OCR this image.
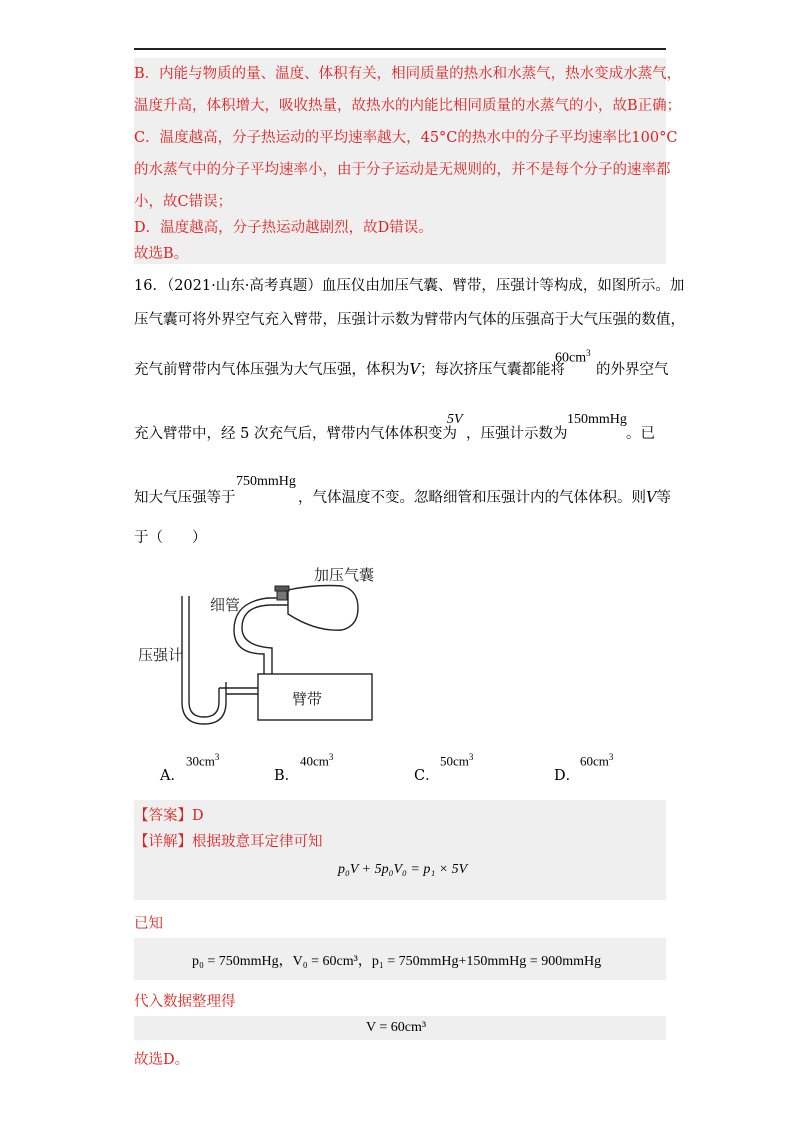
B．内能与物质的量、温度、体积有关，相同质量的热水和水蒸气，热水变成水蒸气，
温度升高，体积增大，吸收热量，故热水的内能比相同质量的水蒸气的小，故B正确；
C．温度越高，分子热运动的平均速率越大，45°C的热水中的分子平均速率比100°C
的水蒸气中的分子平均速率小，由于分子运动是无规则的，并不是每个分子的速率都
小，故C错误；
D．温度越高，分子热运动越剧烈，故D错误。
故选B。
16．（2021·山东·高考真题）血压仪由加压气囊、臂带，压强计等构成，如图所示。加
压气囊可将外界空气充入臂带，压强计示数为臂带内气体的压强高于大气压强的数值，
充气前臂带内气体压强为大气压强，体积为V；每次挤压气囊都能将
$60cm^3$
的外界空气
充入臂带中，经 5 次充气后，臂带内气体体积变为
5V
，压强计示数为
150mmHg
。已
750mmHg
知大气压强等于	，气体温度不变。忽略细管和压强计内的气体体积。则V等
于（　　）
加压气囊
细管
压强计
臂带
A．
$30cm^3$
B．
$40cm^3$
C．
$50cm^3$
D．
$60cm^3$
【答案】D
【详解】根据玻意耳定律可知
p₀V + 5p₀V₀ = p₁ × 5V
已知
p₀ = 750mmHg，V₀ = 60cm³，p₁ = 750mmHg+150mmHg = 900mmHg
代入数据整理得
V = 60cm³
故选D。
